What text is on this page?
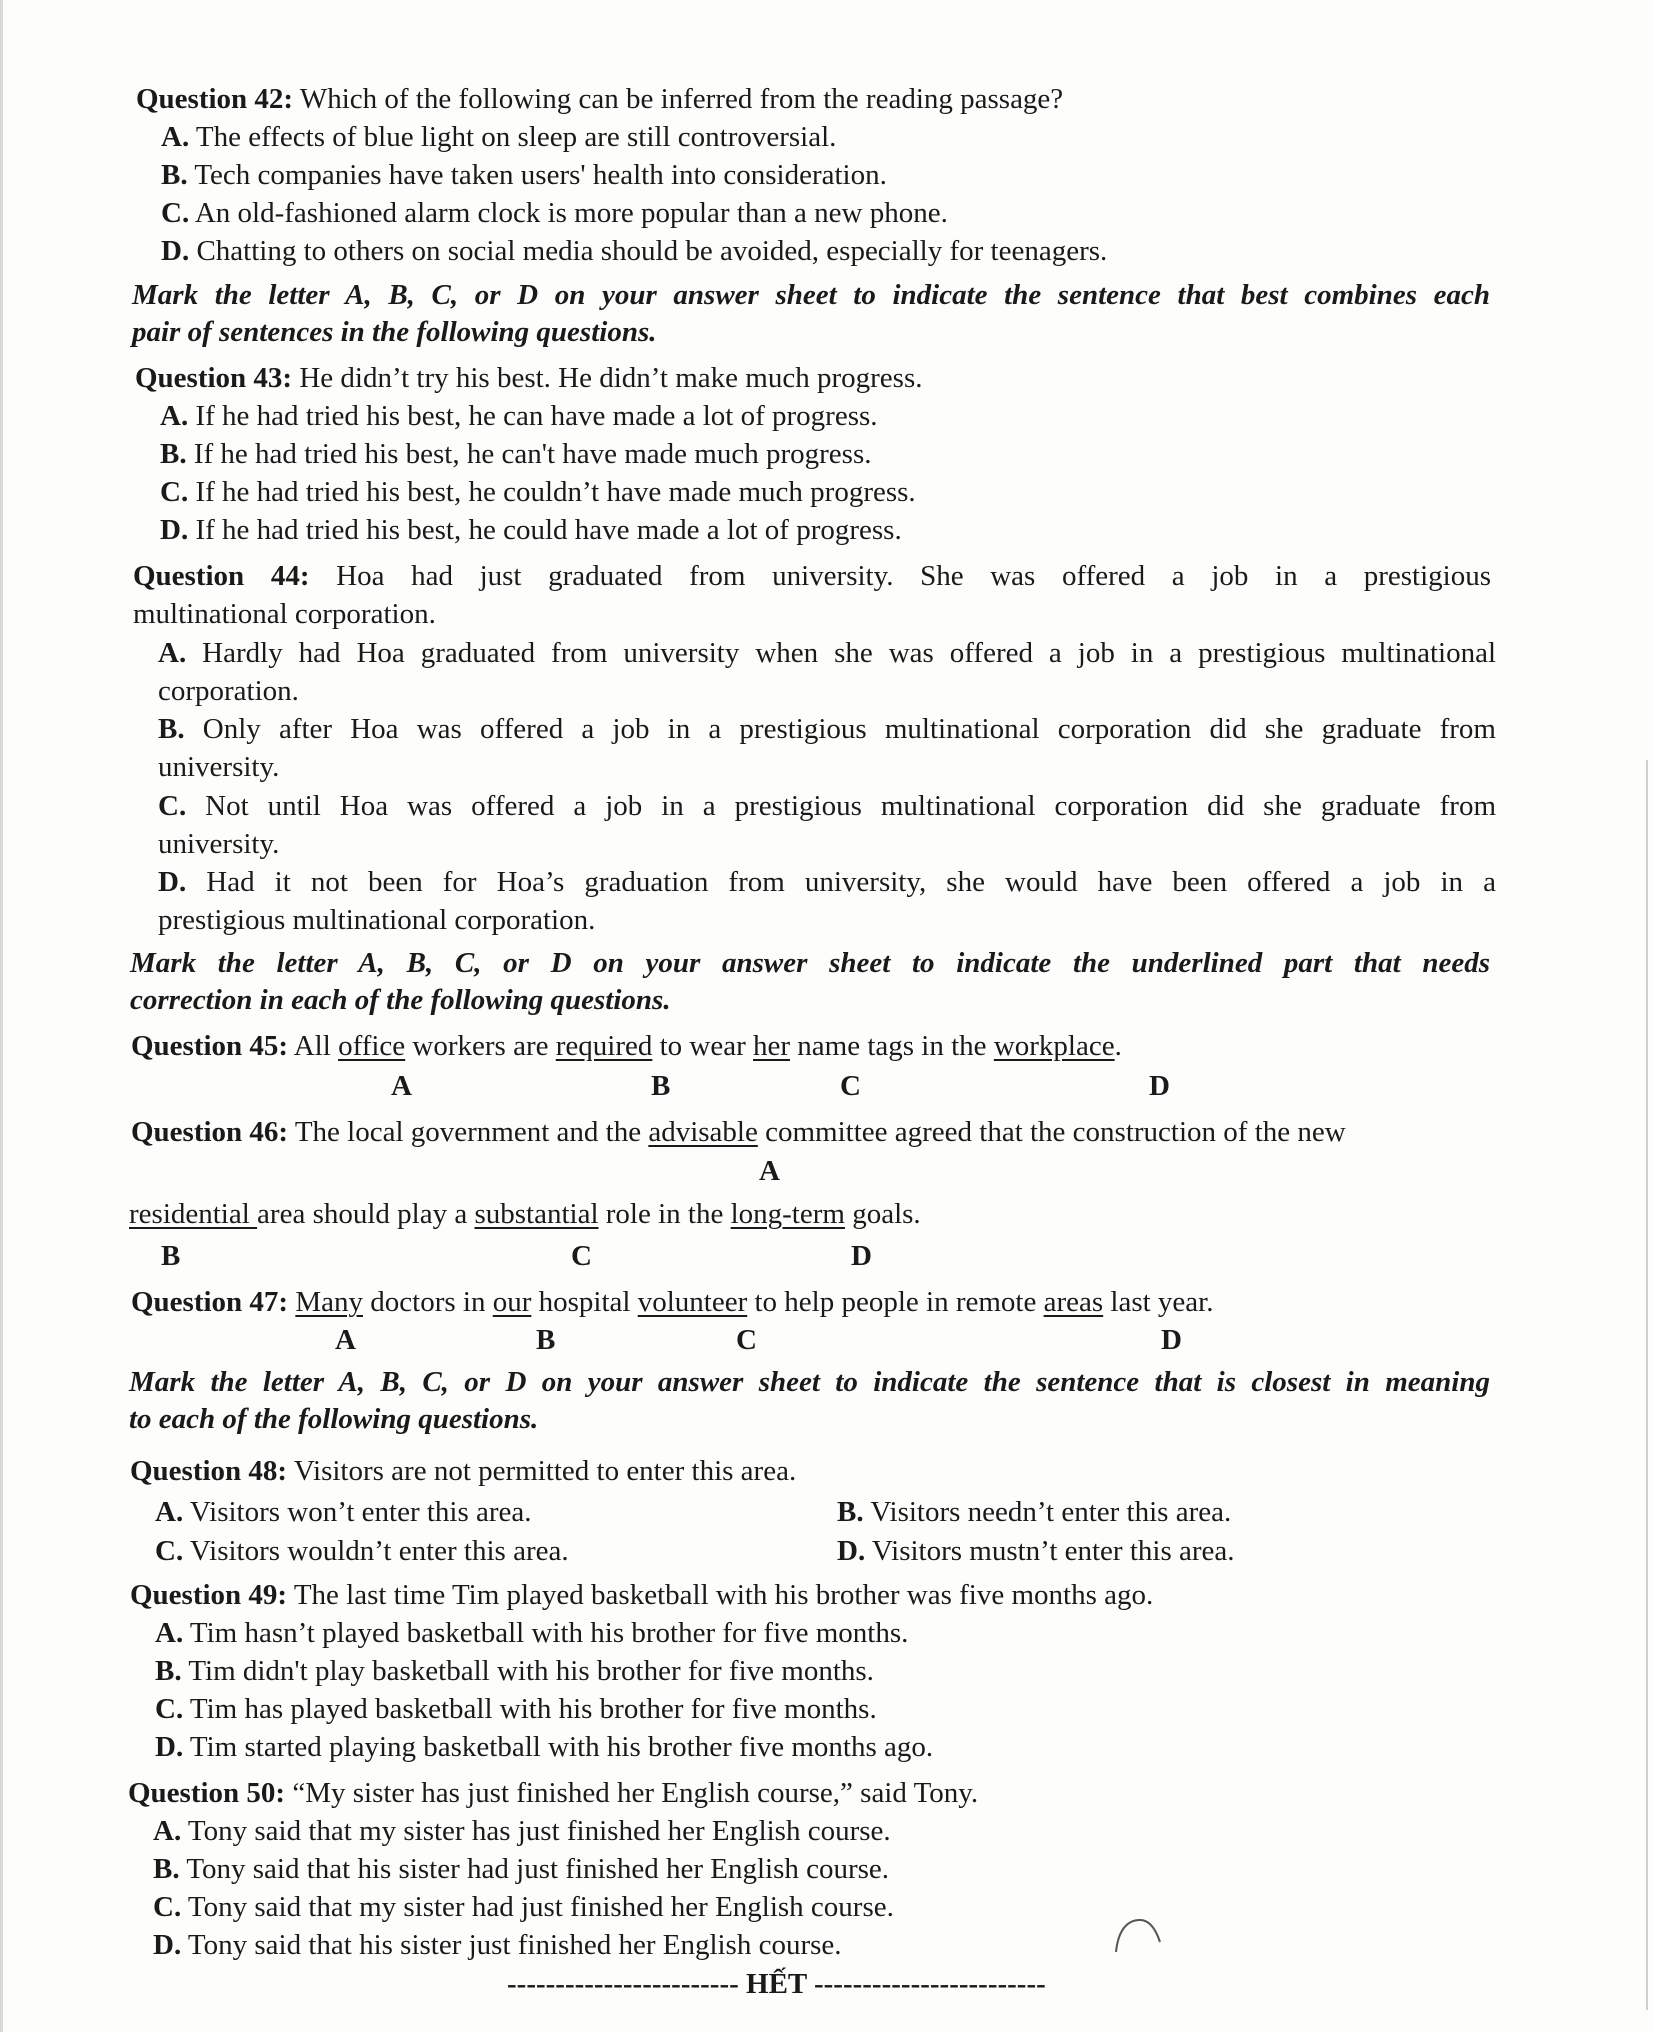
Question 42: Which of the following can be inferred from the reading passage?
A. The effects of blue light on sleep are still controversial.
B. Tech companies have taken users' health into consideration.
C. An old-fashioned alarm clock is more popular than a new phone.
D. Chatting to others on social media should be avoided, especially for teenagers.
Mark the letter A, B, C, or D on your answer sheet to indicate the sentence that best combines each
pair of sentences in the following questions.
Question 43: He didn’t try his best. He didn’t make much progress.
A. If he had tried his best, he can have made a lot of progress.
B. If he had tried his best, he can't have made much progress.
C. If he had tried his best, he couldn’t have made much progress.
D. If he had tried his best, he could have made a lot of progress.
Question 44: Hoa had just graduated from university. She was offered a job in a prestigious
multinational corporation.
A. Hardly had Hoa graduated from university when she was offered a job in a prestigious multinational
corporation.
B. Only after Hoa was offered a job in a prestigious multinational corporation did she graduate from
university.
C. Not until Hoa was offered a job in a prestigious multinational corporation did she graduate from
university.
D. Had it not been for Hoa’s graduation from university, she would have been offered a job in a
prestigious multinational corporation.
Mark the letter A, B, C, or D on your answer sheet to indicate the underlined part that needs
correction in each of the following questions.
Question 45: All office workers are required to wear her name tags in the workplace.
A	B	C	D
Question 46: The local government and the advisable committee agreed that the construction of the new
A
residential area should play a substantial role in the long-term goals.
B	C	D
Question 47: Many doctors in our hospital volunteer to help people in remote areas last year.
A	B	C	D
Mark the letter A, B, C, or D on your answer sheet to indicate the sentence that is closest in meaning
to each of the following questions.
Question 48: Visitors are not permitted to enter this area.
A. Visitors won’t enter this area.	B. Visitors needn’t enter this area.
C. Visitors wouldn’t enter this area.	D. Visitors mustn’t enter this area.
Question 49: The last time Tim played basketball with his brother was five months ago.
A. Tim hasn’t played basketball with his brother for five months.
B. Tim didn't play basketball with his brother for five months.
C. Tim has played basketball with his brother for five months.
D. Tim started playing basketball with his brother five months ago.
Question 50: “My sister has just finished her English course,” said Tony.
A. Tony said that my sister has just finished her English course.
B. Tony said that his sister had just finished her English course.
C. Tony said that my sister had just finished her English course.
D. Tony said that his sister just finished her English course.
------------------------ HẾT ------------------------
